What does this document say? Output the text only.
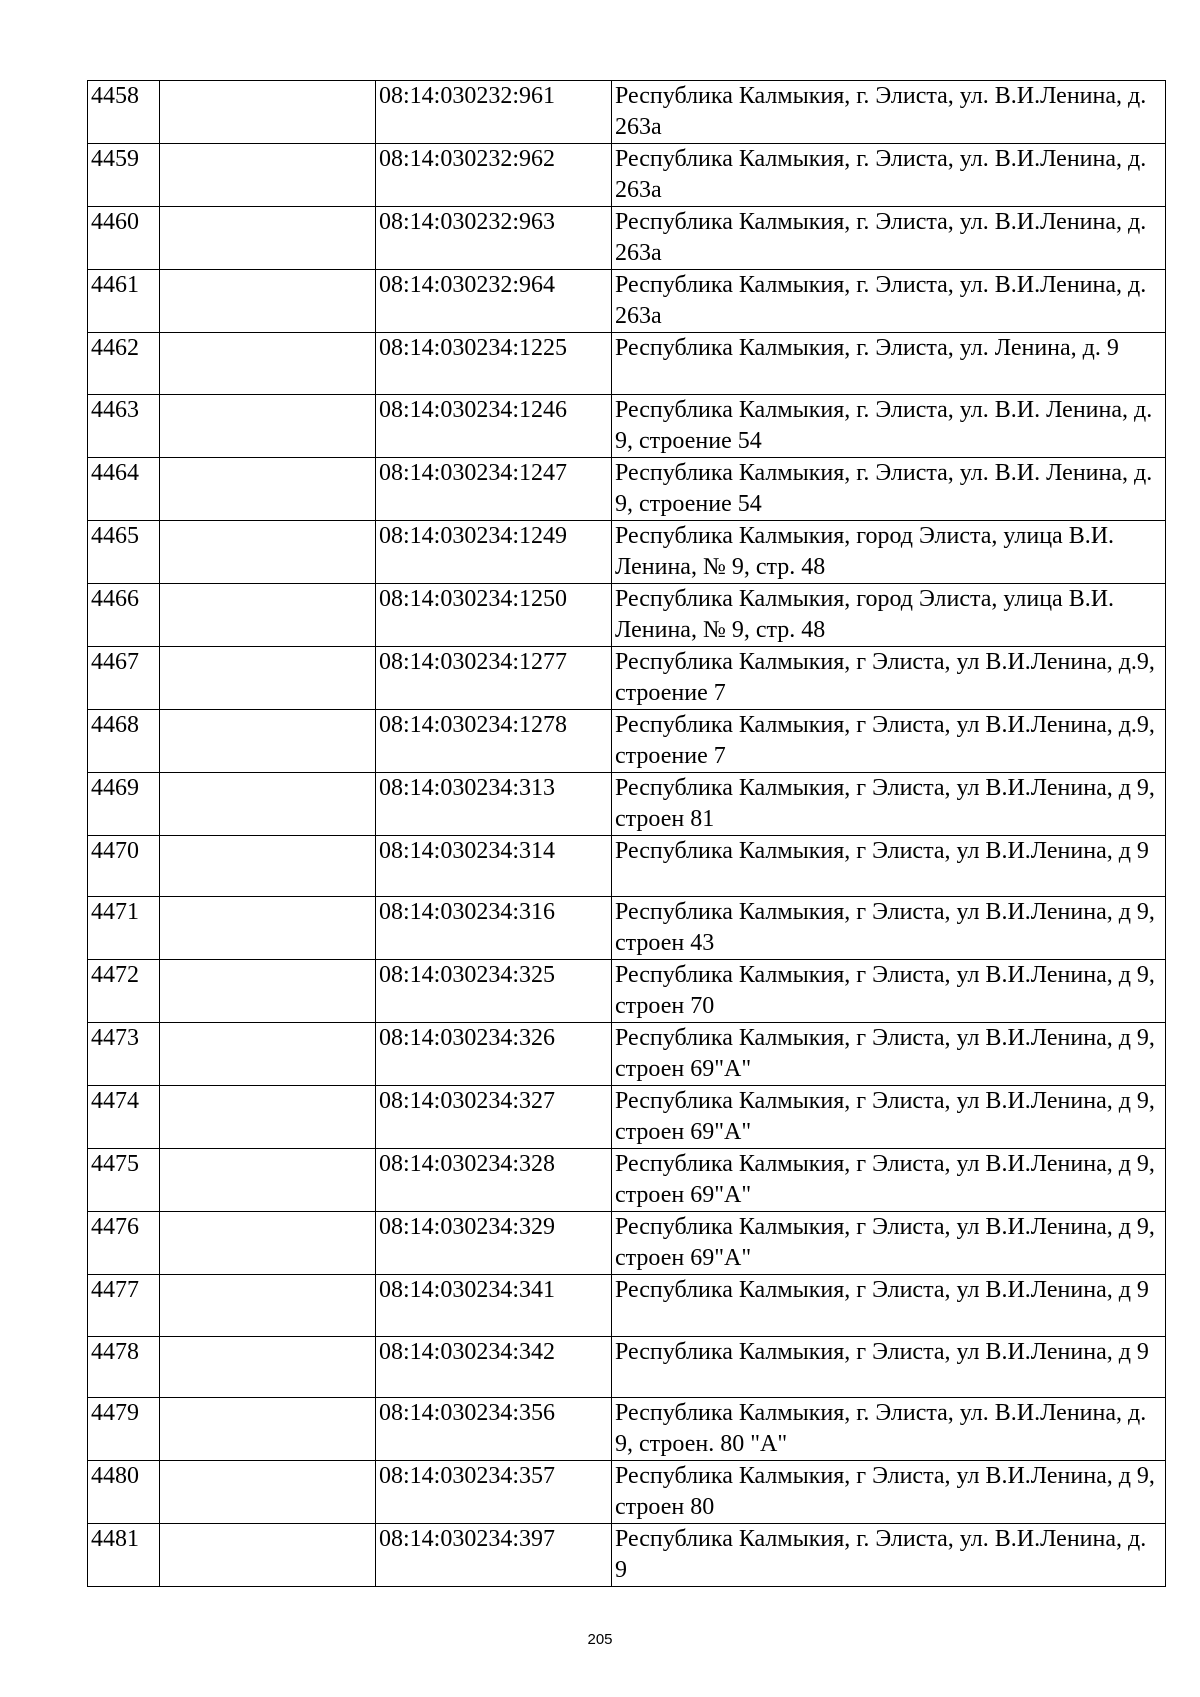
4458		08:14:030232:961	Республика Калмыкия, г. Элиста, ул. В.И.Ленина, д. 263а
4459		08:14:030232:962	Республика Калмыкия, г. Элиста, ул. В.И.Ленина, д. 263а
4460		08:14:030232:963	Республика Калмыкия, г. Элиста, ул. В.И.Ленина, д. 263а
4461		08:14:030232:964	Республика Калмыкия, г. Элиста, ул. В.И.Ленина, д. 263а
4462		08:14:030234:1225	Республика Калмыкия, г. Элиста, ул. Ленина, д. 9
4463		08:14:030234:1246	Республика Калмыкия, г. Элиста, ул. В.И. Ленина, д. 9, строение 54
4464		08:14:030234:1247	Республика Калмыкия, г. Элиста, ул. В.И. Ленина, д. 9, строение 54
4465		08:14:030234:1249	Республика Калмыкия, город Элиста, улица В.И. Ленина, № 9, стр. 48
4466		08:14:030234:1250	Республика Калмыкия, город Элиста, улица В.И. Ленина, № 9, стр. 48
4467		08:14:030234:1277	Республика Калмыкия, г Элиста, ул В.И.Ленина, д.9, строение 7
4468		08:14:030234:1278	Республика Калмыкия, г Элиста, ул В.И.Ленина, д.9, строение 7
4469		08:14:030234:313	Республика Калмыкия, г Элиста, ул В.И.Ленина, д 9, строен 81
4470		08:14:030234:314	Республика Калмыкия, г Элиста, ул В.И.Ленина, д 9
4471		08:14:030234:316	Республика Калмыкия, г Элиста, ул В.И.Ленина, д 9, строен 43
4472		08:14:030234:325	Республика Калмыкия, г Элиста, ул В.И.Ленина, д 9, строен 70
4473		08:14:030234:326	Республика Калмыкия, г Элиста, ул В.И.Ленина, д 9, строен 69"А"
4474		08:14:030234:327	Республика Калмыкия, г Элиста, ул В.И.Ленина, д 9, строен 69"А"
4475		08:14:030234:328	Республика Калмыкия, г Элиста, ул В.И.Ленина, д 9, строен 69"А"
4476		08:14:030234:329	Республика Калмыкия, г Элиста, ул В.И.Ленина, д 9, строен 69"А"
4477		08:14:030234:341	Республика Калмыкия, г Элиста, ул В.И.Ленина, д 9
4478		08:14:030234:342	Республика Калмыкия, г Элиста, ул В.И.Ленина, д 9
4479		08:14:030234:356	Республика Калмыкия, г. Элиста, ул. В.И.Ленина, д. 9, строен. 80 "А"
4480		08:14:030234:357	Республика Калмыкия, г Элиста, ул В.И.Ленина, д 9, строен 80
4481		08:14:030234:397	Республика Калмыкия, г. Элиста, ул. В.И.Ленина, д. 9
205
